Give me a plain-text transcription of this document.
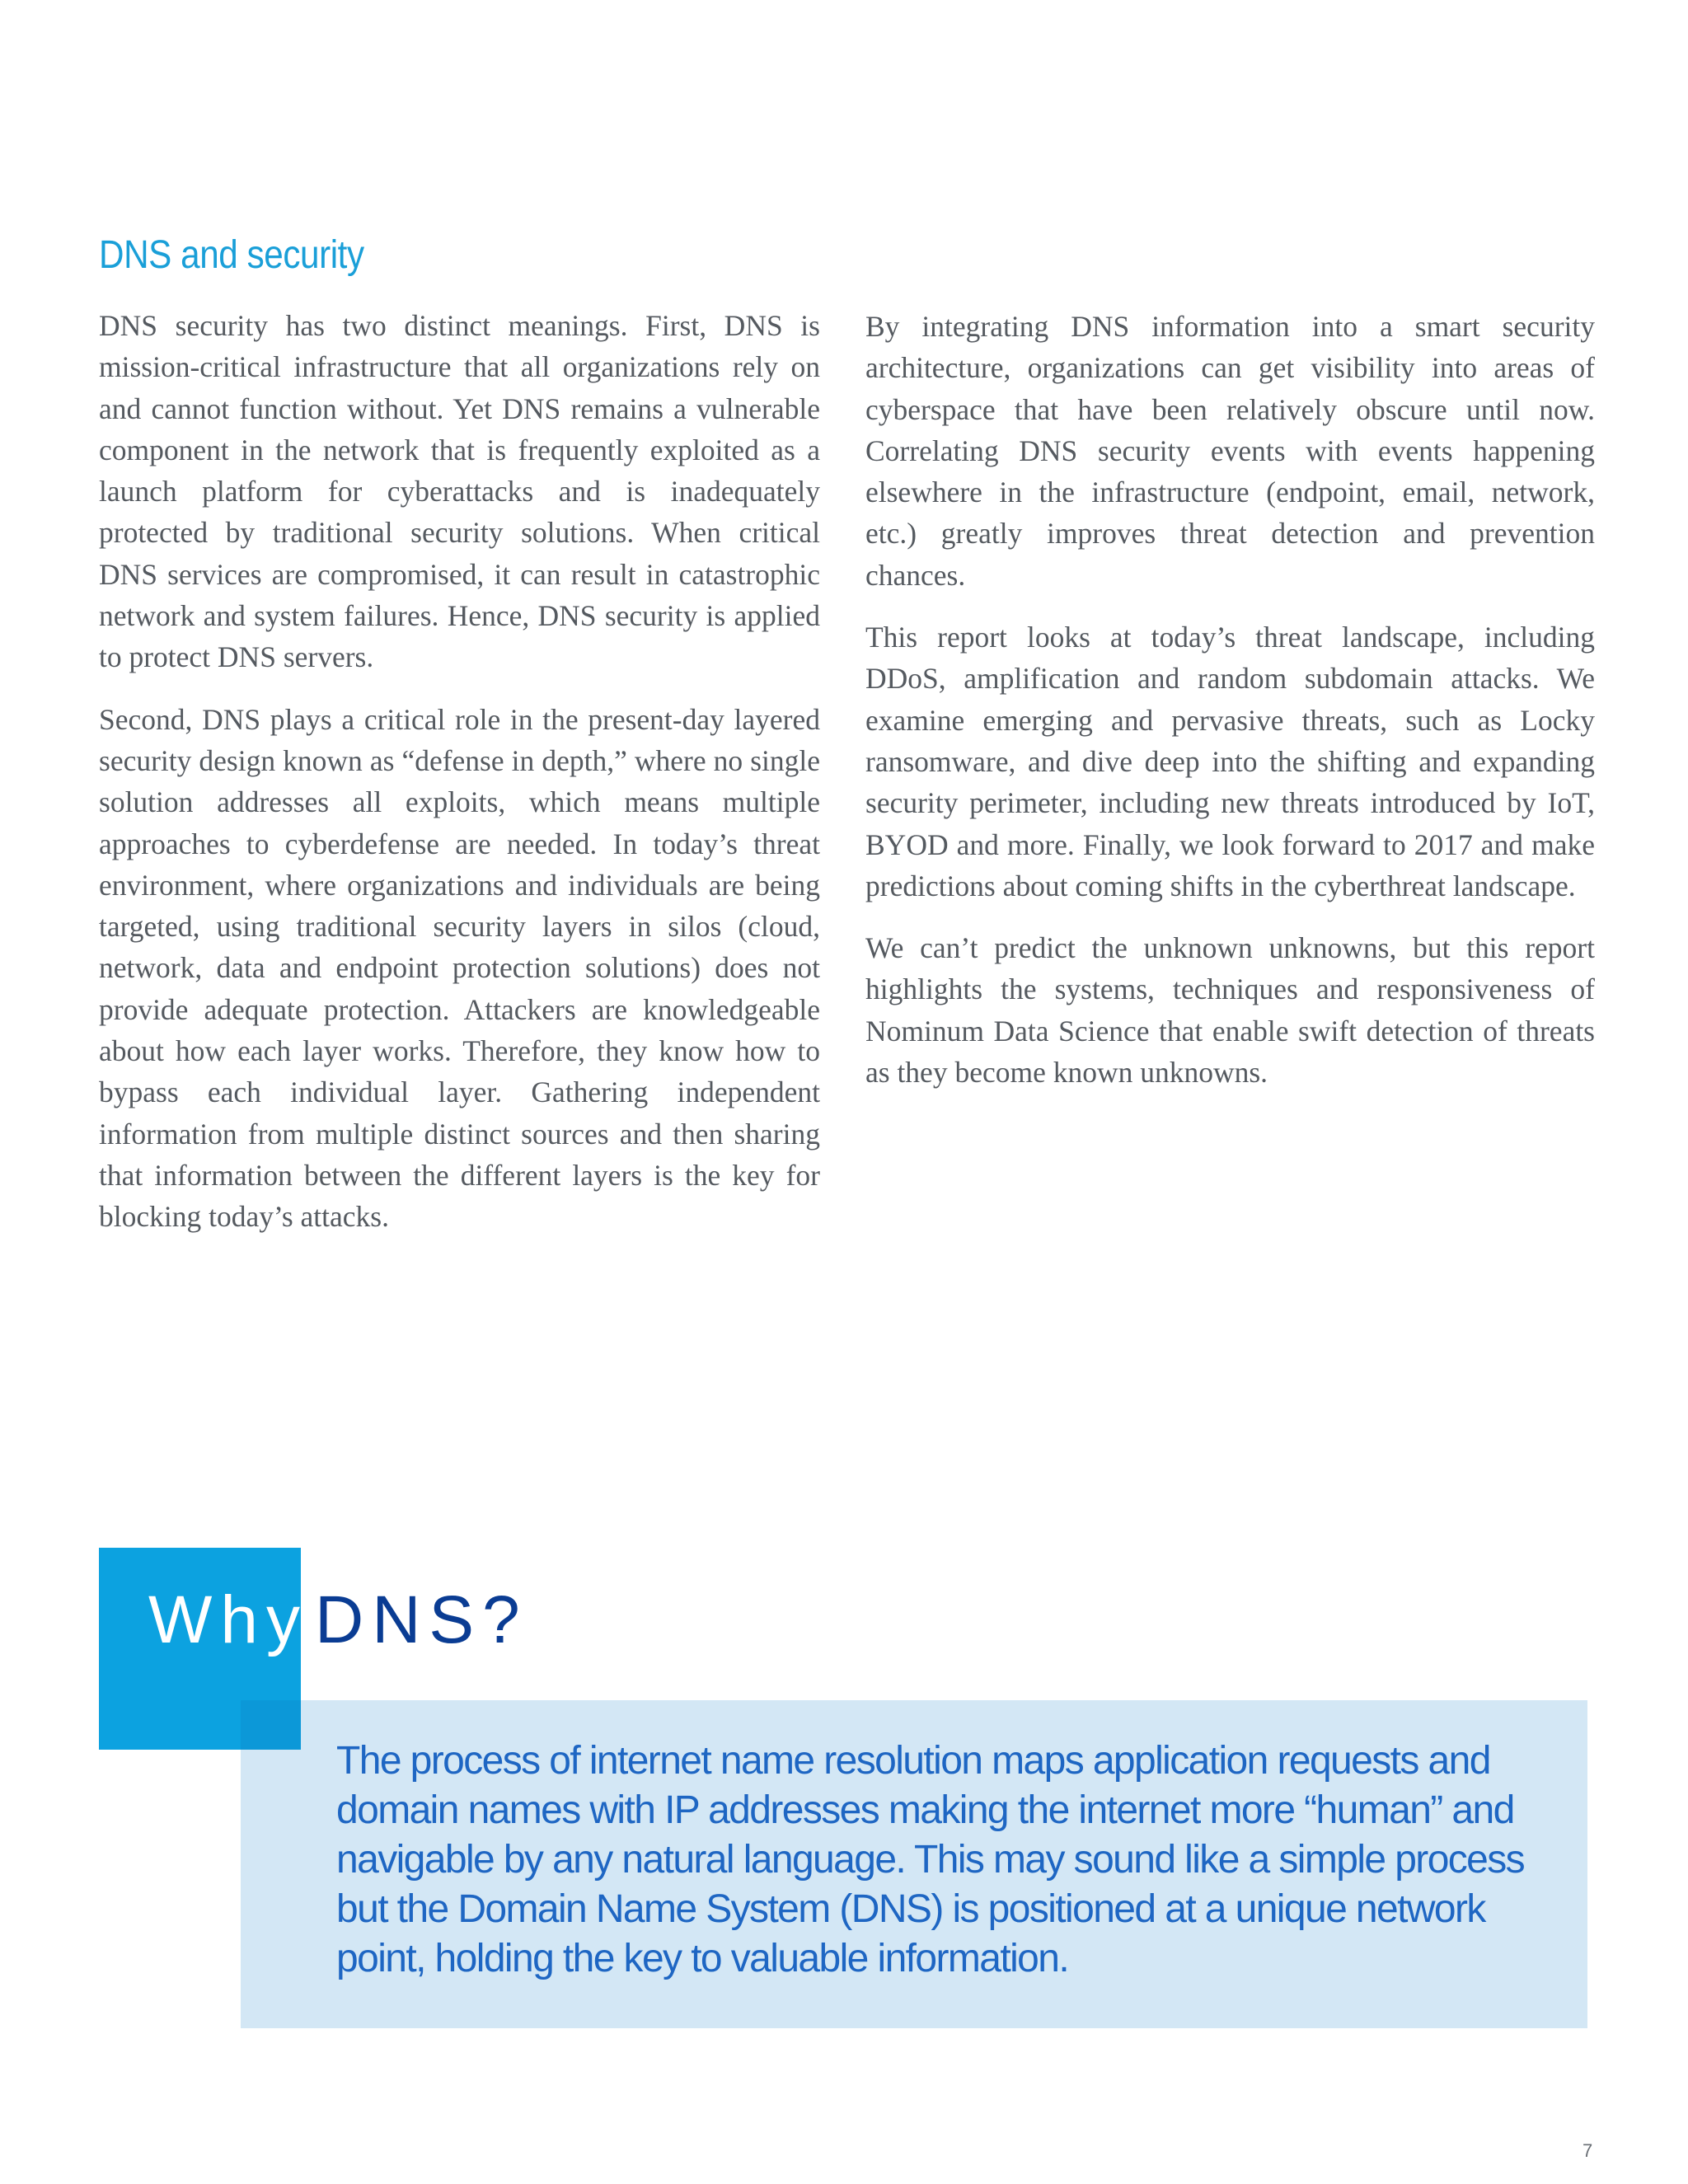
DNS and security

DNS security has two distinct meanings. First, DNS is mission-critical infrastructure that all organizations rely on and cannot function without. Yet DNS remains a vulnerable component in the network that is frequently exploited as a launch platform for cyberattacks and is inadequately protected by traditional security solutions. When critical DNS services are compromised, it can result in catastrophic network and system failures. Hence, DNS security is applied to protect DNS servers.

Second, DNS plays a critical role in the present-day layered security design known as “defense in depth,” where no single solution addresses all exploits, which means multiple approaches to cyberdefense are needed. In today’s threat environment, where organizations and individuals are being targeted, using traditional security layers in silos (cloud, network, data and endpoint protection solutions) does not provide adequate protection. Attackers are knowledgeable about how each layer works. Therefore, they know how to bypass each individual layer. Gathering independent information from multiple distinct sources and then sharing that information between the different layers is the key for blocking today’s attacks.

By integrating DNS information into a smart security architecture, organizations can get visibility into areas of cyberspace that have been relatively obscure until now. Correlating DNS security events with events happening elsewhere in the infrastructure (endpoint, email, network, etc.) greatly improves threat detection and prevention chances.

This report looks at today’s threat landscape, including DDoS, amplification and random subdomain attacks. We examine emerging and pervasive threats, such as Locky ransomware, and dive deep into the shifting and expanding security perimeter, including new threats introduced by IoT, BYOD and more. Finally, we look forward to 2017 and make predictions about coming shifts in the cyberthreat landscape.

We can’t predict the unknown unknowns, but this report highlights the systems, techniques and responsiveness of Nominum Data Science that enable swift detection of threats as they become known unknowns.

WhyDNS?
The process of internet name resolution maps application requests and domain names with IP addresses making the internet more “human” and navigable by any natural language. This may sound like a simple process but the Domain Name System (DNS) is positioned at a unique network point, holding the key to valuable information.
7
